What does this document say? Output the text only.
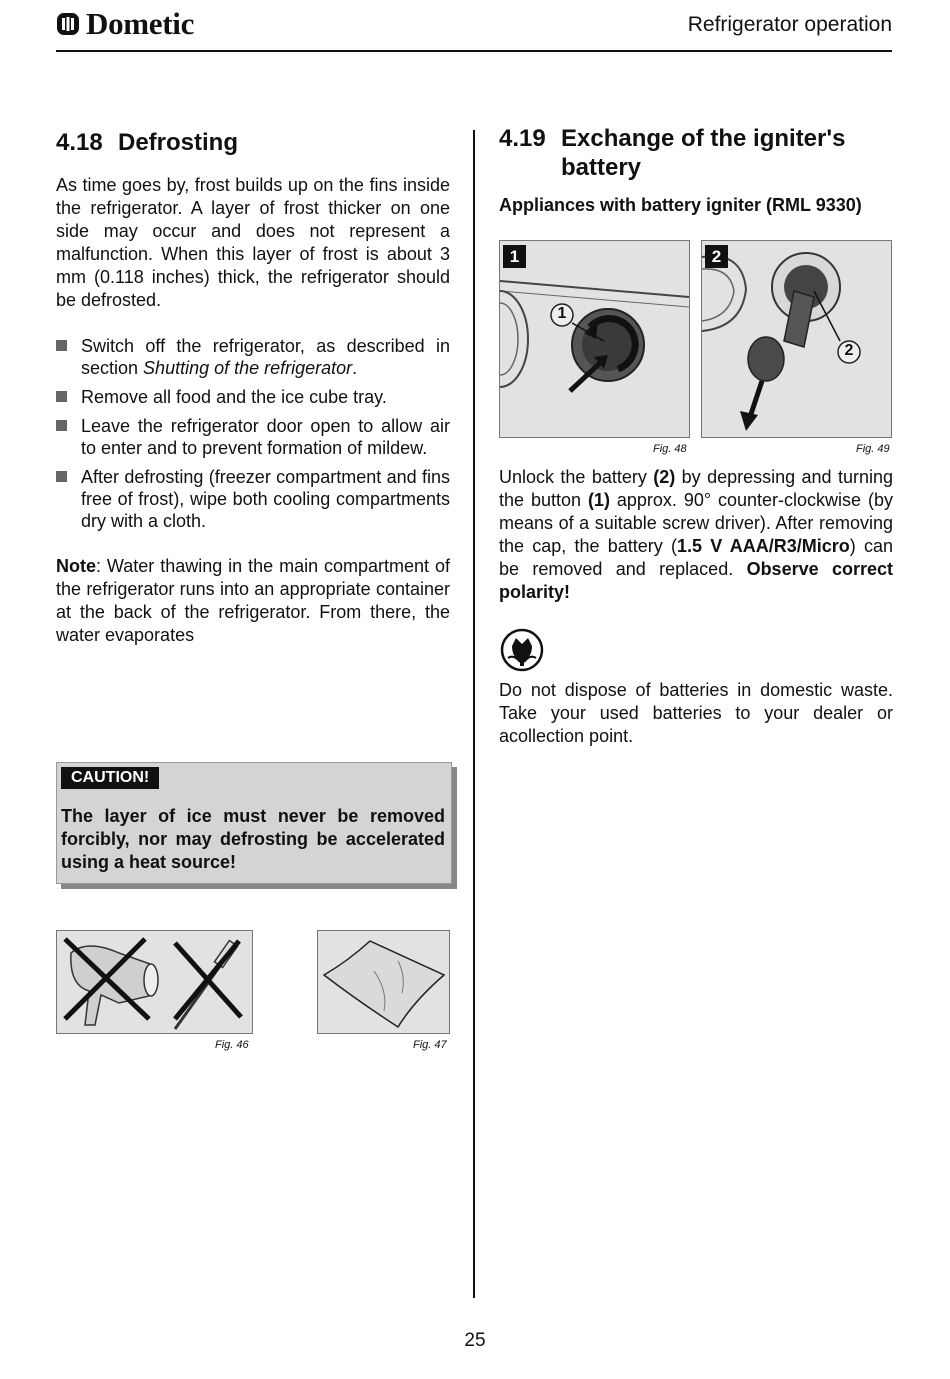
Dometic	Refrigerator operation
4.18 Defrosting

As time goes by, frost builds up on the fins inside the refrigerator. A layer of frost thicker on one side may occur and does not represent a malfunction. When this layer of frost is about 3 mm (0.118 inches) thick, the refrigerator should be defrosted.

Switch off the refrigerator, as described in section Shutting of the refrigerator.
Remove all food and the ice cube tray.
Leave the refrigerator door open to allow air to enter and to prevent formation of mildew.
After defrosting (freezer compartment and fins free of frost), wipe both cooling compartments dry with a cloth.

Note: Water thawing in the main compartment of the refrigerator runs into an appropriate container at the back of the refrigerator. From there, the water evaporates

CAUTION!
The layer of ice must never be removed forcibly, nor may defrosting be accelerated using a heat source!
Fig. 46	Fig. 47
4.19 Exchange of the igniter's battery

Appliances with battery igniter (RML 9330)

1
1
Fig. 48
2
2
Fig. 49

Unlock the battery (2) by depressing and turning the button (1) approx. 90° counter-clockwise (by means of a suitable screw driver). After removing the cap, the battery (1.5 V AAA/R3/Micro) can be removed and replaced. Observe correct polarity!

Do not dispose of batteries in domestic waste. Take your used batteries to your dealer or acollection point.

25
